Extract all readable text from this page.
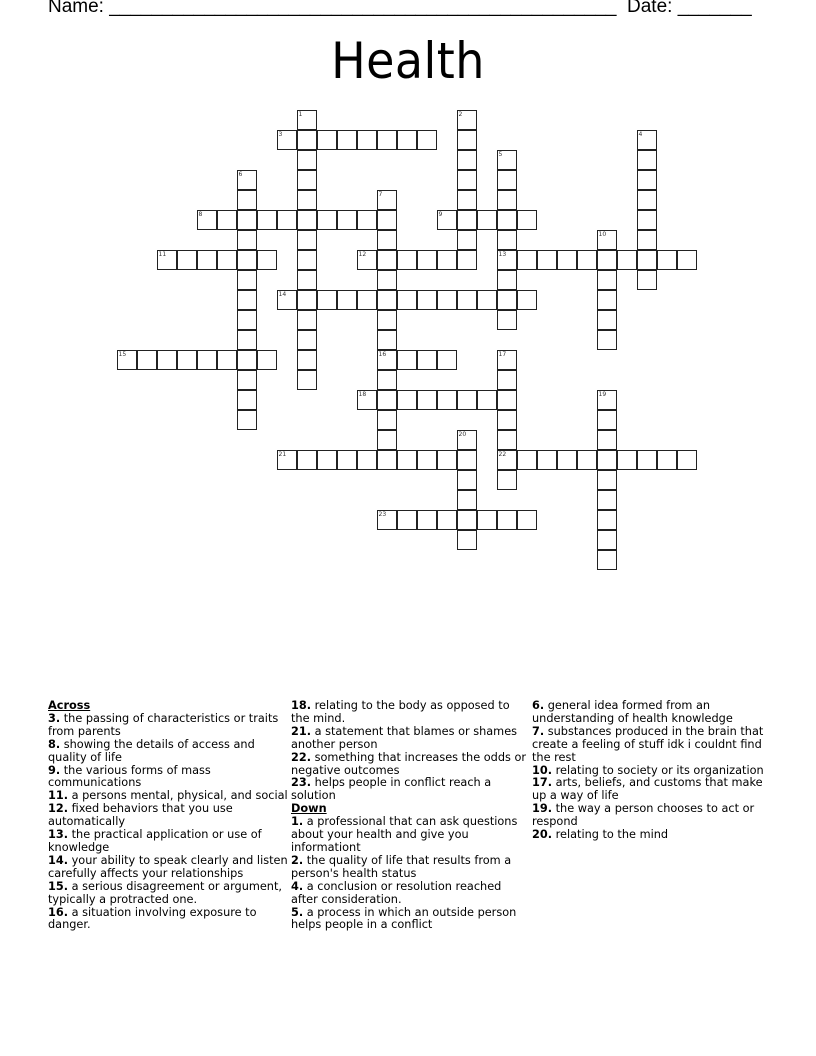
Name: ________________________________________________ Date: _______
Health
1	2
3	4
5
13
6
7
16
8	9
10
11	12
14
15	17
22
18	19
20
21
23
Across
3. the passing of characteristics or traits from parents
8. showing the details of access and quality of life
9. the various forms of mass communications
11. a persons mental, physical, and social
12. fixed behaviors that you use automatically
13. the practical application or use of knowledge
14. your ability to speak clearly and listen carefully affects your relationships
15. a serious disagreement or argument, typically a protracted one.
16. a situation involving exposure to danger.
18. relating to the body as opposed to the mind.
21. a statement that blames or shames another person
22. something that increases the odds or negative outcomes
23. helps people in conflict reach a solution
Down
1. a professional that can ask questions about your health and give you informationt
2. the quality of life that results from a person's health status
4. a conclusion or resolution reached after consideration.
5. a process in which an outside person helps people in a conflict
6. general idea formed from an understanding of health knowledge
7. substances produced in the brain that create a feeling of stuff idk i couldnt find the rest
10. relating to society or its organization
17. arts, beliefs, and customs that make up a way of life
19. the way a person chooses to act or respond
20. relating to the mind
